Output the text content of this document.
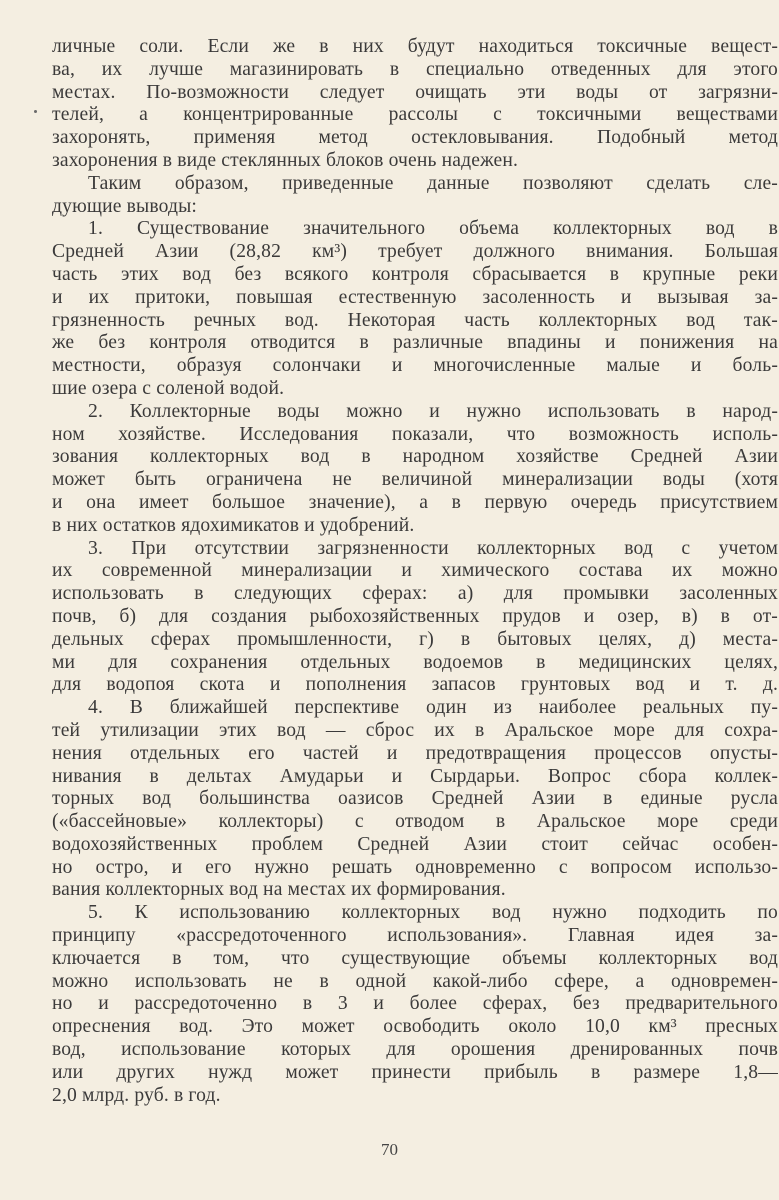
личные соли. Если же в них будут находиться токсичные вещест-
ва, их лучше магазинировать в специально отведенных для этого
местах. По-возможности следует очищать эти воды от загрязни-
телей, а концентрированные рассолы с токсичными веществами
захоронять, применяя метод остекловывания. Подобный метод
захоронения в виде стеклянных блоков очень надежен.
Таким образом, приведенные данные позволяют сделать сле-
дующие выводы:
1. Существование значительного объема коллекторных вод в
Средней Азии (28,82 км³) требует должного внимания. Большая
часть этих вод без всякого контроля сбрасывается в крупные реки
и их притоки, повышая естественную засоленность и вызывая за-
грязненность речных вод. Некоторая часть коллекторных вод так-
же без контроля отводится в различные впадины и понижения на
местности, образуя солончаки и многочисленные малые и боль-
шие озера с соленой водой.
2. Коллекторные воды можно и нужно использовать в народ-
ном хозяйстве. Исследования показали, что возможность исполь-
зования коллекторных вод в народном хозяйстве Средней Азии
может быть ограничена не величиной минерализации воды (хотя
и она имеет большое значение), а в первую очередь присутствием
в них остатков ядохимикатов и удобрений.
3. При отсутствии загрязненности коллекторных вод с учетом
их современной минерализации и химического состава их можно
использовать в следующих сферах: а) для промывки засоленных
почв, б) для создания рыбохозяйственных прудов и озер, в) в от-
дельных сферах промышленности, г) в бытовых целях, д) места-
ми для сохранения отдельных водоемов в медицинских целях,
для водопоя скота и пополнения запасов грунтовых вод и т. д.
4. В ближайшей перспективе один из наиболее реальных пу-
тей утилизации этих вод — сброс их в Аральское море для сохра-
нения отдельных его частей и предотвращения процессов опусты-
нивания в дельтах Амударьи и Сырдарьи. Вопрос сбора коллек-
торных вод большинства оазисов Средней Азии в единые русла
(«бассейновые» коллекторы) с отводом в Аральское море среди
водохозяйственных проблем Средней Азии стоит сейчас особен-
но остро, и его нужно решать одновременно с вопросом использо-
вания коллекторных вод на местах их формирования.
5. К использованию коллекторных вод нужно подходить по
принципу «рассредоточенного использования». Главная идея за-
ключается в том, что существующие объемы коллекторных вод
можно использовать не в одной какой-либо сфере, а одновремен-
но и рассредоточенно в 3 и более сферах, без предварительного
опреснения вод. Это может освободить около 10,0 км³ пресных
вод, использование которых для орошения дренированных почв
или других нужд может принести прибыль в размере 1,8—
2,0 млрд. руб. в год.
70
